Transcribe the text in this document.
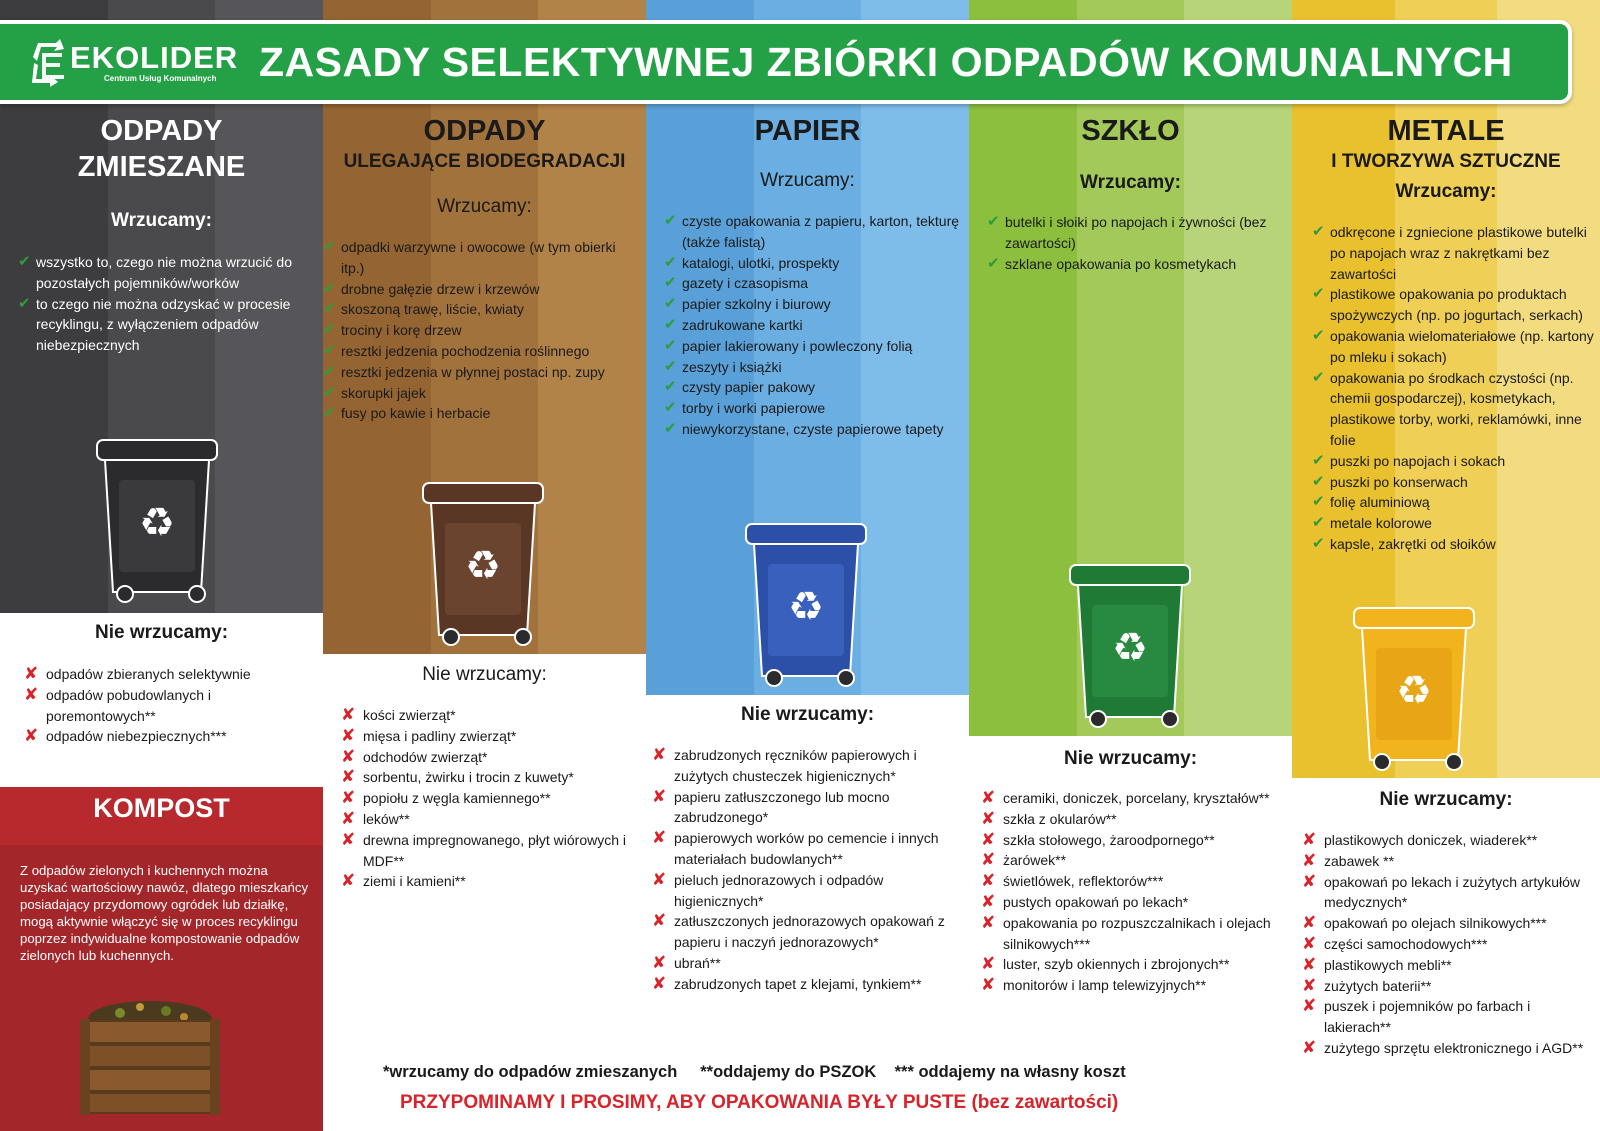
EKOLIDER
Centrum Usług Komunalnych	ZASADY SELEKTYWNEJ ZBIÓRKI ODPADÓW KOMUNALNYCH
ODPADY
ZMIESZANE
Wrzucamy:
✔ wszystko to, czego nie można wrzucić do pozostałych pojemników/worków
✔ to czego nie można odzyskać w procesie recyklingu, z wyłączeniem odpadów niebezpiecznych
♻
Nie wrzucamy:
✘ odpadów zbieranych selektywnie
✘ odpadów pobudowlanych i poremontowych**
✘ odpadów niebezpiecznych***
ODPADY
ULEGAJĄCE BIODEGRADACJI
Wrzucamy:
✔ odpadki warzywne i owocowe (w tym obierki itp.)
✔ drobne gałęzie drzew i krzewów
✔ skoszoną trawę, liście, kwiaty
✔ trociny i korę drzew
✔ resztki jedzenia pochodzenia roślinnego
✔ resztki jedzenia w płynnej postaci np. zupy
✔ skorupki jajek
✔ fusy po kawie i herbacie
♻
Nie wrzucamy:
✘ kości zwierząt*
✘ mięsa i padliny zwierząt*
✘ odchodów zwierząt*
✘ sorbentu, żwirku i trocin z kuwety*
✘ popiołu z węgla kamiennego**
✘ leków**
✘ drewna impregnowanego, płyt wiórowych i MDF**
✘ ziemi i kamieni**
PAPIER
Wrzucamy:
✔ czyste opakowania z papieru, karton, tekturę (także falistą)
✔ katalogi, ulotki, prospekty
✔ gazety i czasopisma
✔ papier szkolny i biurowy
✔ zadrukowane kartki
✔ papier lakierowany i powleczony folią
✔ zeszyty i książki
✔ czysty papier pakowy
✔ torby i worki papierowe
✔ niewykorzystane, czyste papierowe tapety
♻
Nie wrzucamy:
✘ zabrudzonych ręczników papierowych i zużytych chusteczek higienicznych*
✘ papieru zatłuszczonego lub mocno zabrudzonego*
✘ papierowych worków po cemencie i innych materiałach budowlanych**
✘ pieluch jednorazowych i odpadów higienicznych*
✘ zatłuszczonych jednorazowych opakowań z papieru i naczyń jednorazowych*
✘ ubrań**
✘ zabrudzonych tapet z klejami, tynkiem**
SZKŁO
Wrzucamy:
✔ butelki i słoiki po napojach i żywności (bez zawartości)
✔ szklane opakowania po kosmetykach
♻
Nie wrzucamy:
✘ ceramiki, doniczek, porcelany, kryształów**
✘ szkła z okularów**
✘ szkła stołowego, żaroodpornego**
✘ żarówek**
✘ świetlówek, reflektorów***
✘ pustych opakowań po lekach*
✘ opakowania po rozpuszczalnikach i olejach silnikowych***
✘ luster, szyb okiennych i zbrojonych**
✘ monitorów i lamp telewizyjnych**
METALE
I TWORZYWA SZTUCZNE
Wrzucamy:
✔ odkręcone i zgniecione plastikowe butelki po napojach wraz z nakrętkami bez zawartości
✔ plastikowe opakowania po produktach spożywczych (np. po jogurtach, serkach)
✔ opakowania wielomateriałowe (np. kartony po mleku i sokach)
✔ opakowania po środkach czystości (np. chemii gospodarczej), kosmetykach, plastikowe torby, worki, reklamówki, inne folie
✔ puszki po napojach i sokach
✔ puszki po konserwach
✔ folię aluminiową
✔ metale kolorowe
✔ kapsle, zakrętki od słoików
♻
Nie wrzucamy:
✘ plastikowych doniczek, wiaderek**
✘ zabawek **
✘ opakowań po lekach i zużytych artykułów medycznych*
✘ opakowań po olejach silnikowych***
✘ części samochodowych***
✘ plastikowych mebli**
✘ zużytych baterii**
✘ puszek i pojemników po farbach i lakierach**
✘ zużytego sprzętu elektronicznego i AGD**
KOMPOST
Z odpadów zielonych i kuchennych można uzyskać wartościowy nawóz, dlatego mieszkańcy posiadający przydomowy ogródek lub działkę, mogą aktywnie włączyć się w proces recyklingu poprzez indywidualne kompostowanie odpadów zielonych lub kuchennych.
*wrzucamy do odpadów zmieszanych     **oddajemy do PSZOK    *** oddajemy na własny koszt
PRZYPOMINAMY I PROSIMY, ABY OPAKOWANIA BYŁY PUSTE (bez zawartości)
